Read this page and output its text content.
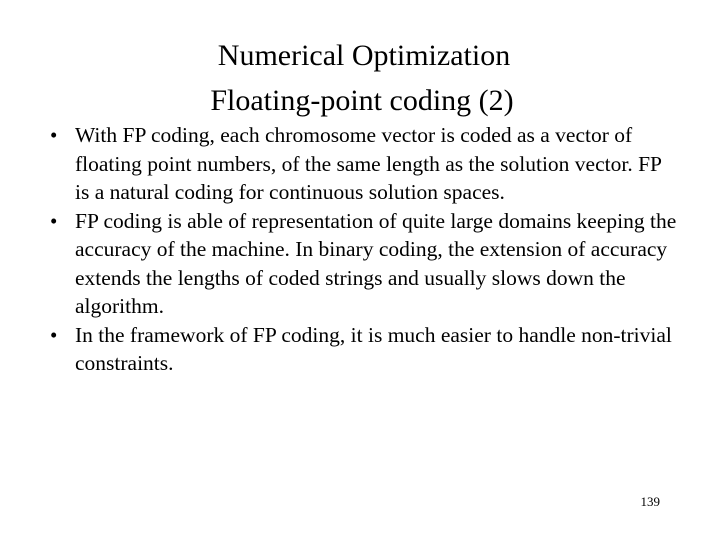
Numerical Optimization
Floating-point coding (2)
• With FP coding, each chromosome vector is coded as a vector of floating point numbers, of the same length as the solution vector. FP is a natural coding for continuous solution spaces.
• FP coding is able of representation of quite large domains keeping the accuracy of the machine. In binary coding, the extension of accuracy extends the lengths of coded strings and usually slows down the algorithm.
• In the framework of FP coding, it is much easier to handle non-trivial constraints.
139
